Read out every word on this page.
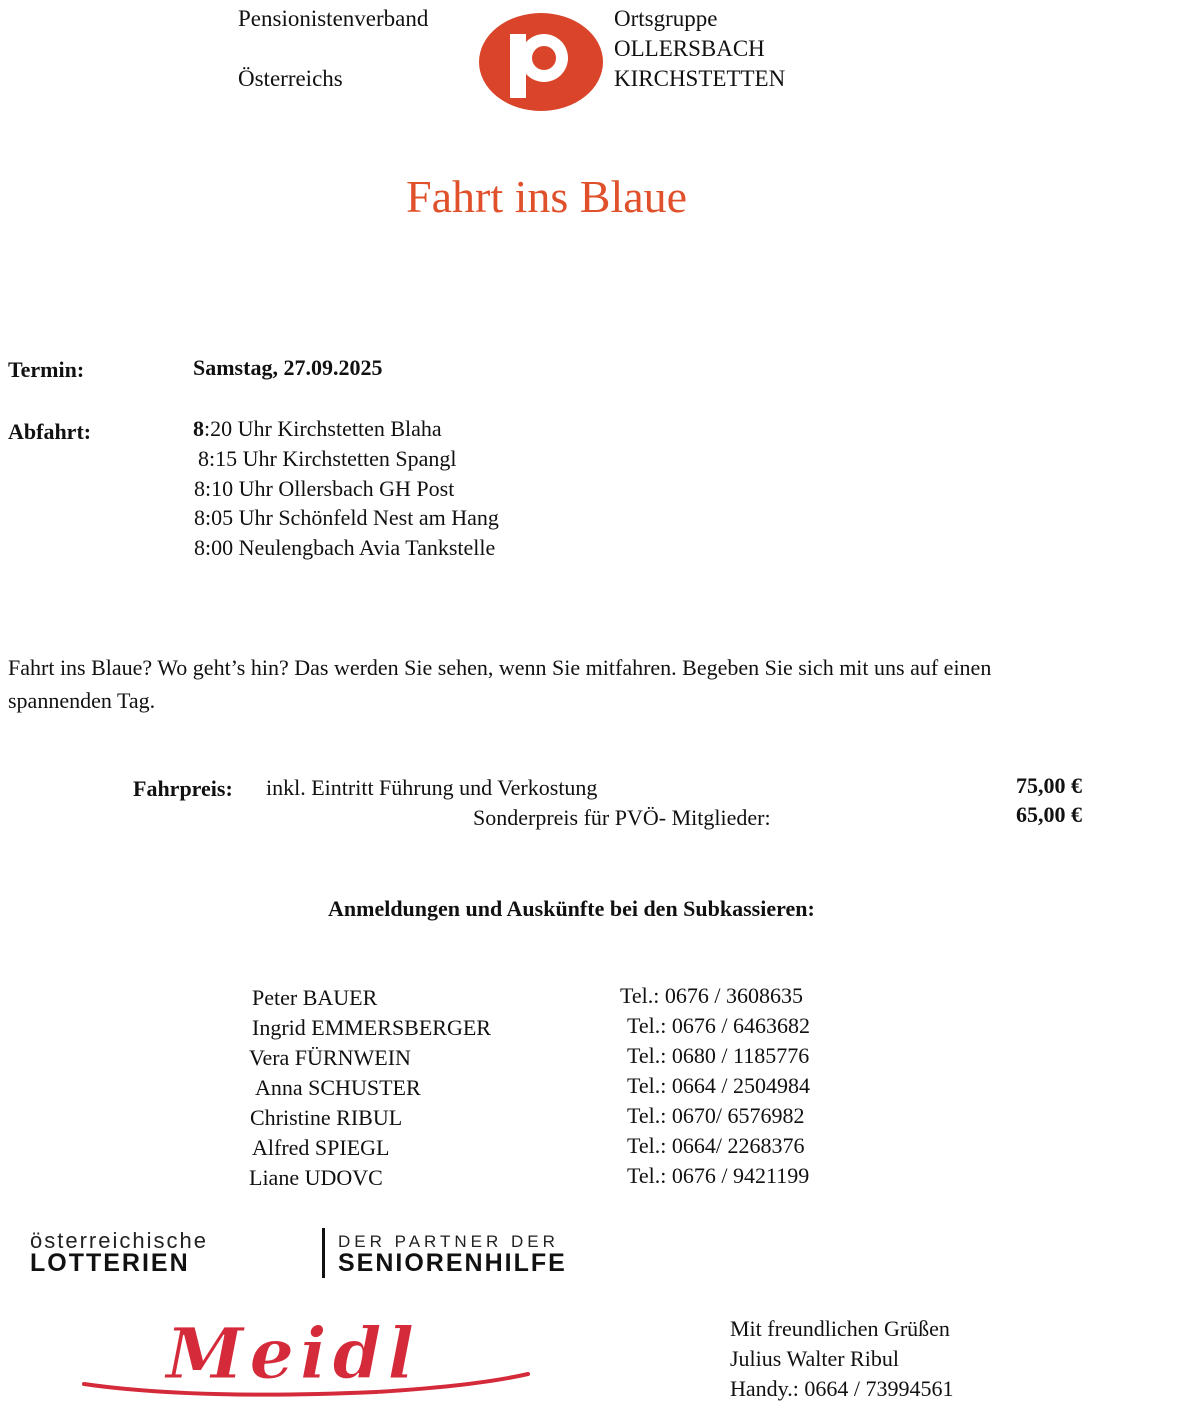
Pensionistenverband
Österreichs
Ortsgruppe
OLLERSBACH
KIRCHSTETTEN
Fahrt ins Blaue
Termin:	Samstag, 27.09.2025
Abfahrt:	8:20 Uhr Kirchstetten Blaha
8:15 Uhr Kirchstetten Spangl
8:10 Uhr Ollersbach GH Post
8:05 Uhr Schönfeld Nest am Hang
8:00 Neulengbach Avia Tankstelle
Fahrt ins Blaue? Wo geht’s hin? Das werden Sie sehen, wenn Sie mitfahren. Begeben Sie sich mit uns auf einen
spannenden Tag.
Fahrpreis: inkl. Eintritt Führung und Verkostung	75,00 €
Sonderpreis für PVÖ- Mitglieder:	65,00 €
Anmeldungen und Auskünfte bei den Subkassieren:
Peter BAUER	Tel.: 0676 / 3608635
Ingrid EMMERSBERGER	Tel.: 0676 / 6463682
Vera FÜRNWEIN	Tel.: 0680 / 1185776
Anna SCHUSTER	Tel.: 0664 / 2504984
Christine RIBUL	Tel.: 0670/ 6576982
Alfred SPIEGL	Tel.: 0664/ 2268376
Liane UDOVC	Tel.: 0676 / 9421199
österreichische	DER PARTNER DER
LOTTERIEN	SENIORENHILFE
Meidl	Mit freundlichen Grüßen
Julius Walter Ribul
Handy.: 0664 / 73994561
